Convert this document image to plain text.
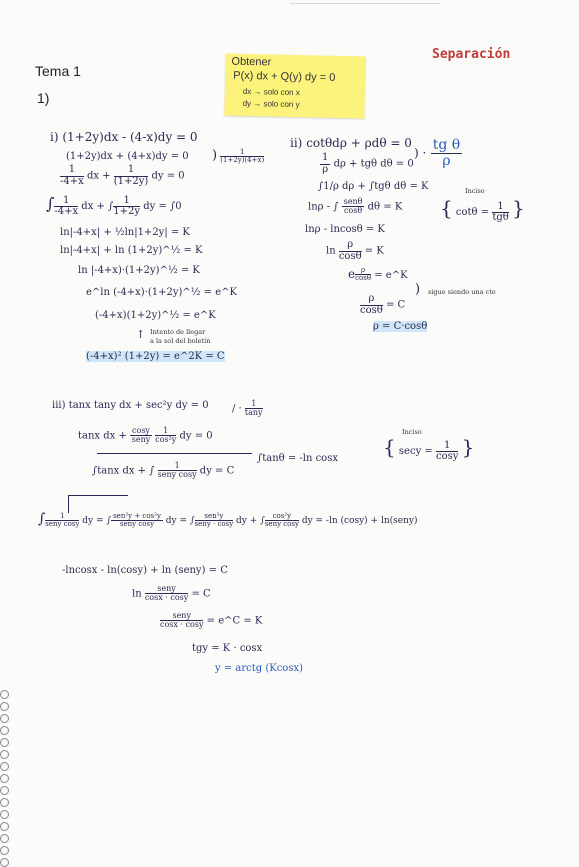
Separación
Tema 1
1)
Obtener
P(x) dx + Q(y) dy = 0
dx → solo con x
dy → solo con y
i) (1+2y)dx - (4-x)dy = 0
(1+2y)dx + (4+x)dy = 0 ) $\frac{1}{(1+2y)(4+x)}$
$\frac{1}{-4+x}$ dx + $\frac{1}{(1+2y)}$ dy = 0
∫ $\frac{1}{-4+x}$ dx + ∫ $\frac{1}{1+2y}$ dy = ∫0
ln|-4+x| + ½ln|1+2y| = K
ln|-4+x| + ln (1+2y)^½ = K
ln |-4+x)·(1+2y)^½ = K
e^ln (-4+x)·(1+2y)^½ = e^K
(-4+x)(1+2y)^½ = e^K
↑ Intento de llegar
a la sol del boletín
(-4+x)² (1+2y) = e^2K = C
ii) cotθdρ + ρdθ = 0
) · $\frac{\text{tg θ}}{\rho}$
$\frac{1}{\rho}$ dρ + tgθ dθ = 0
∫1/ρ dρ + ∫tgθ dθ = K
lnρ - ∫ $\frac{\text{senθ}}{\cos\theta}$ dθ = K
lnρ - lncosθ = K
$\ln \frac{\rho}{\cos\theta} = K$
e $\frac{\rho}{\cos\theta}$ = e^K
$\frac{\rho}{\cos\theta} = C$
) sigue siendo una cte
ρ = C·cosθ
Inciso
{ $\cot\theta = \frac{1}{\text{tgθ}}$ }
iii) tanx tany dx + sec²y dy = 0 / · $\frac{1}{\tan y}$
tanx dx + $\frac{\cos y}{\text{seny}}$
$\frac{1}{\text{cos²y}}$ dy = 0
∫tanx dx + ∫ $\frac{1}{\text{seny cosy}}$ dy = C
∫tanθ = -ln cosx
Inciso
{ $\sec y = \frac{1}{\cos y}$ }
∫ $\frac{1}{\text{seny cosy}}$ dy = ∫ $\frac{\text{sen²y + cos²y}}{\text{seny cosy}}$ dy = ∫ $\frac{\text{sen²y}}{\text{seny · cosy}}$ dy + ∫ $\frac{\text{cos²y}}{\text{seny cosy}}$ dy = -ln (cosy) + ln(seny)
-lncosx - ln(cosy) + ln (seny) = C
$\ln \frac{\text{seny}}{\cos x \cdot \cos y} = C$
$\frac{\text{seny}}{\cos x \cdot \cos y}$ = e^C = K
tgy = K · cosx
y = arctg (Kcosx)
